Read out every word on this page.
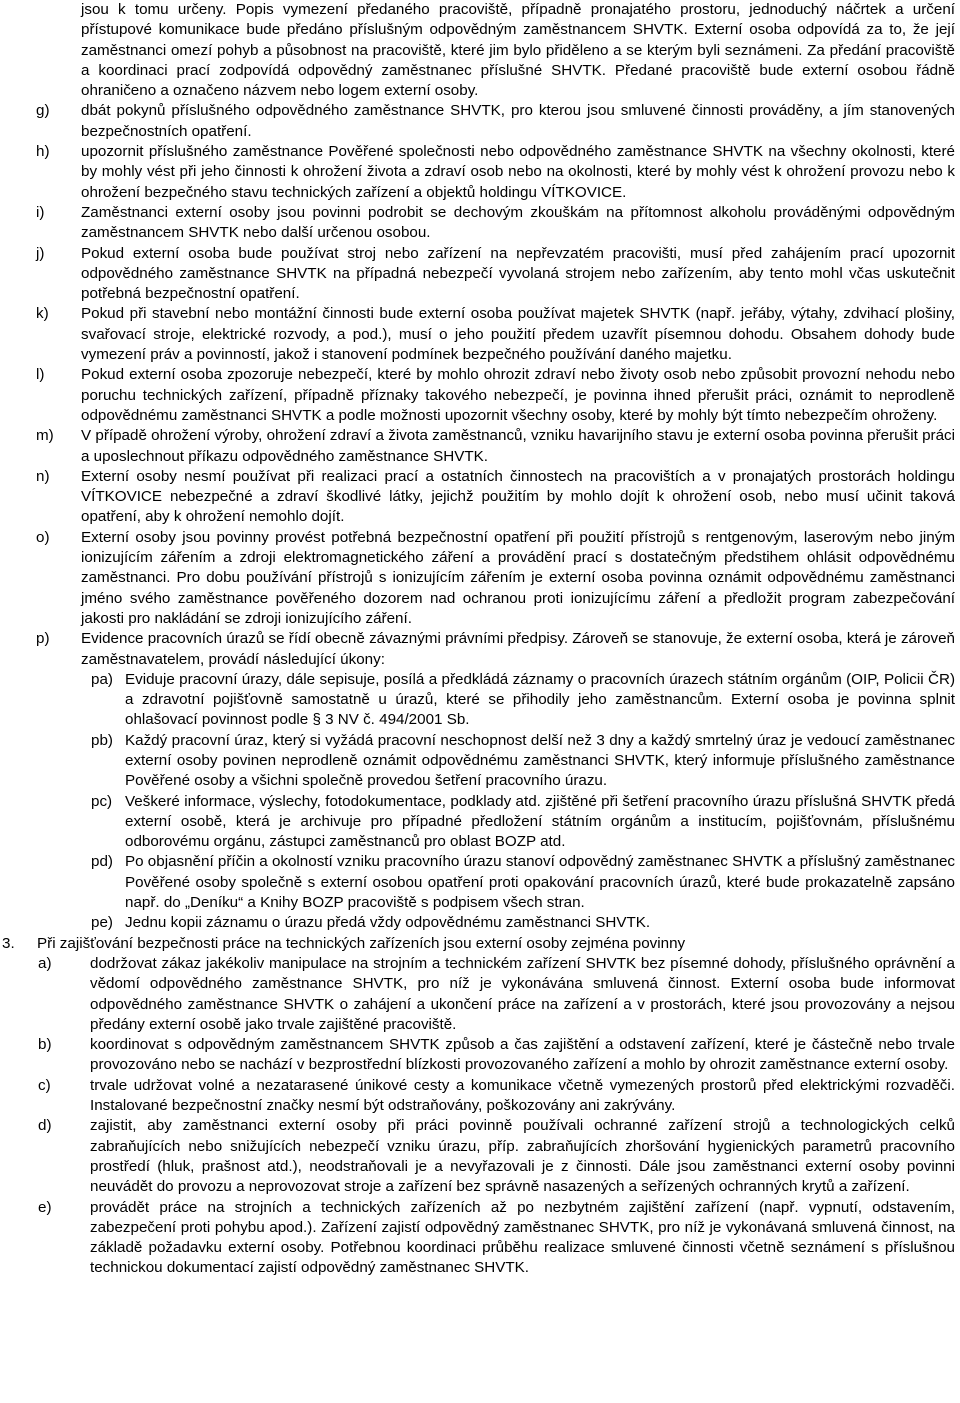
jsou k tomu určeny. Popis vymezení předaného pracoviště, případně pronajatého prostoru, jednoduchý náčrtek a určení přístupové komunikace bude předáno příslušným odpovědným zaměstnancem SHVTK. Externí osoba odpovídá za to, že její zaměstnanci omezí pohyb a působnost na pracoviště, které jim bylo přiděleno a se kterým byli seznámeni. Za předání pracoviště a koordinaci prací zodpovídá odpovědný zaměstnanec příslušné SHVTK. Předané pracoviště bude externí osobou řádně ohraničeno a označeno názvem nebo logem externí osoby.

g) dbát pokynů příslušného odpovědného zaměstnance SHVTK, pro kterou jsou smluvené činnosti prováděny, a jím stanovených bezpečnostních opatření.
h) upozornit příslušného zaměstnance Pověřené společnosti nebo odpovědného zaměstnance SHVTK na všechny okolnosti, které by mohly vést při jeho činnosti k ohrožení života a zdraví osob nebo na okolnosti, které by mohly vést k ohrožení provozu nebo k ohrožení bezpečného stavu technických zařízení a objektů holdingu VÍTKOVICE.
i) Zaměstnanci externí osoby jsou povinni podrobit se dechovým zkouškám na přítomnost alkoholu prováděnými odpovědným zaměstnancem SHVTK nebo další určenou osobou.
j) Pokud externí osoba bude používat stroj nebo zařízení na nepřevzatém pracovišti, musí před zahájením prací upozornit odpovědného zaměstnance SHVTK na případná nebezpečí vyvolaná strojem nebo zařízením, aby tento mohl včas uskutečnit potřebná bezpečnostní opatření.
k) Pokud při stavební nebo montážní činnosti bude externí osoba používat majetek SHVTK (např. jeřáby, výtahy, zdvihací plošiny, svařovací stroje, elektrické rozvody, a pod.), musí o jeho použití předem uzavřít písemnou dohodu. Obsahem dohody bude vymezení práv a povinností, jakož i stanovení podmínek bezpečného používání daného majetku.
l) Pokud externí osoba zpozoruje nebezpečí, které by mohlo ohrozit zdraví nebo životy osob nebo způsobit provozní nehodu nebo poruchu technických zařízení, případně příznaky takového nebezpečí, je povinna ihned přerušit práci, oznámit to neprodleně odpovědnému zaměstnanci SHVTK a podle možnosti upozornit všechny osoby, které by mohly být tímto nebezpečím ohroženy.
m) V případě ohrožení výroby, ohrožení zdraví a života zaměstnanců, vzniku havarijního stavu je externí osoba povinna přerušit práci a uposlechnout příkazu odpovědného zaměstnance SHVTK.
n) Externí osoby nesmí používat při realizaci prací a ostatních činnostech na pracovištích a v pronajatých prostorách holdingu VÍTKOVICE nebezpečné a zdraví škodlivé látky, jejichž použitím by mohlo dojít k ohrožení osob, nebo musí učinit taková opatření, aby k ohrožení nemohlo dojít.
o) Externí osoby jsou povinny provést potřebná bezpečnostní opatření při použití přístrojů s rentgenovým, laserovým nebo jiným ionizujícím zářením a zdroji elektromagnetického záření a provádění prací s dostatečným předstihem ohlásit odpovědnému zaměstnanci. Pro dobu používání přístrojů s ionizujícím zářením je externí osoba povinna oznámit odpovědnému zaměstnanci jméno svého zaměstnance pověřeného dozorem nad ochranou proti ionizujícímu záření a předložit program zabezpečování jakosti pro nakládání se zdroji ionizujícího záření.
p) Evidence pracovních úrazů se řídí obecně závaznými právními předpisy. Zároveň se stanovuje, že externí osoba, která je zároveň zaměstnavatelem, provádí následující úkony:
pa) Eviduje pracovní úrazy, dále sepisuje, posílá a předkládá záznamy o pracovních úrazech státním orgánům (OIP, Policii ČR) a zdravotní pojišťovně samostatně u úrazů, které se přihodily jeho zaměstnancům. Externí osoba je povinna splnit ohlašovací povinnost podle § 3 NV č. 494/2001 Sb.
pb) Každý pracovní úraz, který si vyžádá pracovní neschopnost delší než 3 dny a každý smrtelný úraz je vedoucí zaměstnanec externí osoby povinen neprodleně oznámit odpovědnému zaměstnanci SHVTK, který informuje příslušného zaměstnance Pověřené osoby a všichni společně provedou šetření pracovního úrazu.
pc) Veškeré informace, výslechy, fotodokumentace, podklady atd. zjištěné při šetření pracovního úrazu příslušná SHVTK předá externí osobě, která je archivuje pro případné předložení státním orgánům a institucím, pojišťovnám, příslušnému odborovému orgánu, zástupci zaměstnanců pro oblast BOZP atd.
pd) Po objasnění příčin a okolností vzniku pracovního úrazu stanoví odpovědný zaměstnanec SHVTK a příslušný zaměstnanec Pověřené osoby společně s externí osobou opatření proti opakování pracovních úrazů, které bude prokazatelně zapsáno např. do „Deníku“ a Knihy BOZP pracoviště s podpisem všech stran.
pe) Jednu kopii záznamu o úrazu předá vždy odpovědnému zaměstnanci SHVTK.
3. Při zajišťování bezpečnosti práce na technických zařízeních jsou externí osoby zejména povinny
a)	dodržovat zákaz jakékoliv manipulace na strojním a technickém zařízení SHVTK bez písemné dohody, příslušného oprávnění a vědomí odpovědného zaměstnance SHVTK, pro níž je vykonávána smluvená činnost. Externí osoba bude informovat odpovědného zaměstnance SHVTK o zahájení a ukončení práce na zařízení a v prostorách, které jsou provozovány a nejsou předány externí osobě jako trvale zajištěné pracoviště.
b)	koordinovat s odpovědným zaměstnancem SHVTK způsob a čas zajištění a odstavení zařízení, které je částečně nebo trvale provozováno nebo se nachází v bezprostřední blízkosti provozovaného zařízení a mohlo by ohrozit zaměstnance externí osoby.
c)	trvale udržovat volné a nezatarasené únikové cesty a komunikace včetně vymezených prostorů před elektrickými rozvaděči. Instalované bezpečnostní značky nesmí být odstraňovány, poškozovány ani zakrývány.
d)	zajistit, aby zaměstnanci externí osoby při práci povinně používali ochranné zařízení strojů a technologických celků zabraňujících nebo snižujících nebezpečí vzniku úrazu, příp. zabraňujících zhoršování hygienických parametrů pracovního prostředí (hluk, prašnost atd.), neodstraňovali je a nevyřazovali je z činnosti. Dále jsou zaměstnanci externí osoby povinni neuvádět do provozu a neprovozovat stroje a zařízení bez správně nasazených a seřízených ochranných krytů a zařízení.
e)	provádět práce na strojních a technických zařízeních až po nezbytném zajištění zařízení (např. vypnutí, odstavením, zabezpečení proti pohybu apod.). Zařízení zajistí odpovědný zaměstnanec SHVTK, pro níž je vykonávaná smluvená činnost, na základě požadavku externí osoby. Potřebnou koordinaci průběhu realizace smluvené činnosti včetně seznámení s příslušnou technickou dokumentací zajistí odpovědný zaměstnanec SHVTK.
